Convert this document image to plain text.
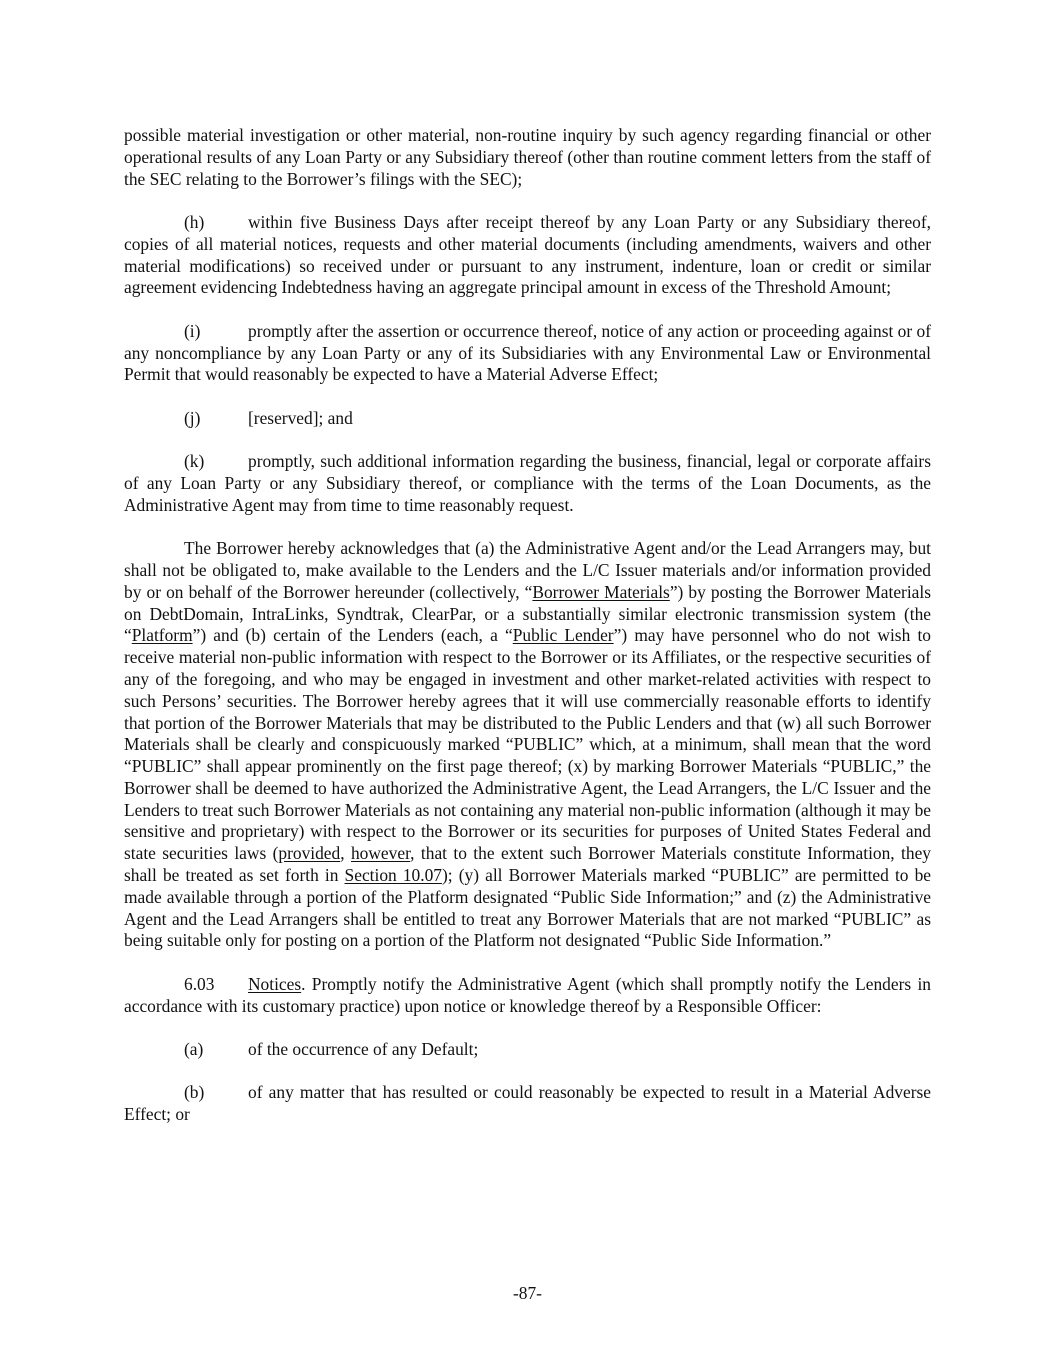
possible material investigation or other material, non-routine inquiry by such agency regarding financial or other operational results of any Loan Party or any Subsidiary thereof (other than routine comment letters from the staff of the SEC relating to the Borrower’s filings with the SEC);

(h)	within five Business Days after receipt thereof by any Loan Party or any Subsidiary thereof, copies of all material notices, requests and other material documents (including amendments, waivers and other material modifications) so received under or pursuant to any instrument, indenture, loan or credit or similar agreement evidencing Indebtedness having an aggregate principal amount in excess of the Threshold Amount;

(i)	promptly after the assertion or occurrence thereof, notice of any action or proceeding against or of any noncompliance by any Loan Party or any of its Subsidiaries with any Environmental Law or Environmental Permit that would reasonably be expected to have a Material Adverse Effect;

(j)	[reserved]; and

(k)	promptly, such additional information regarding the business, financial, legal or corporate affairs of any Loan Party or any Subsidiary thereof, or compliance with the terms of the Loan Documents, as the Administrative Agent may from time to time reasonably request.

The Borrower hereby acknowledges that (a) the Administrative Agent and/or the Lead Arrangers may, but shall not be obligated to, make available to the Lenders and the L/C Issuer materials and/or information provided by or on behalf of the Borrower hereunder (collectively, “Borrower Materials”) by posting the Borrower Materials on DebtDomain, IntraLinks, Syndtrak, ClearPar, or a substantially similar electronic transmission system (the “Platform”) and (b) certain of the Lenders (each, a “Public Lender”) may have personnel who do not wish to receive material non-public information with respect to the Borrower or its Affiliates, or the respective securities of any of the foregoing, and who may be engaged in investment and other market-related activities with respect to such Persons’ securities. The Borrower hereby agrees that it will use commercially reasonable efforts to identify that portion of the Borrower Materials that may be distributed to the Public Lenders and that (w) all such Borrower Materials shall be clearly and conspicuously marked “PUBLIC” which, at a minimum, shall mean that the word “PUBLIC” shall appear prominently on the first page thereof; (x) by marking Borrower Materials “PUBLIC,” the Borrower shall be deemed to have authorized the Administrative Agent, the Lead Arrangers, the L/C Issuer and the Lenders to treat such Borrower Materials as not containing any material non-public information (although it may be sensitive and proprietary) with respect to the Borrower or its securities for purposes of United States Federal and state securities laws (provided, however, that to the extent such Borrower Materials constitute Information, they shall be treated as set forth in Section 10.07); (y) all Borrower Materials marked “PUBLIC” are permitted to be made available through a portion of the Platform designated “Public Side Information;” and (z) the Administrative Agent and the Lead Arrangers shall be entitled to treat any Borrower Materials that are not marked “PUBLIC” as being suitable only for posting on a portion of the Platform not designated “Public Side Information.”

6.03 Notices. Promptly notify the Administrative Agent (which shall promptly notify the Lenders in accordance with its customary practice) upon notice or knowledge thereof by a Responsible Officer:

(a)	of the occurrence of any Default;

(b)	of any matter that has resulted or could reasonably be expected to result in a Material Adverse Effect; or

-87-
